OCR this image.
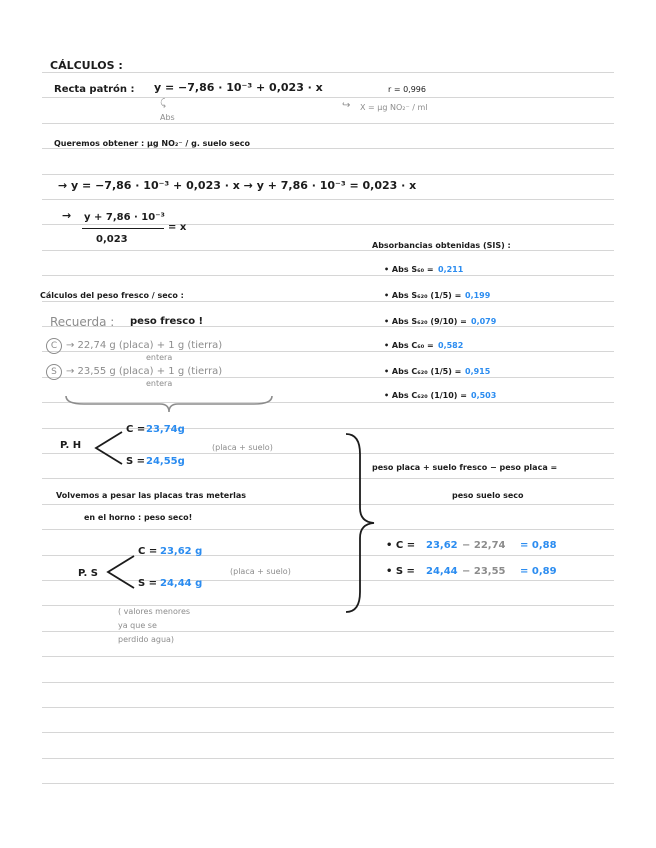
CÁLCULOS :
Recta patrón : y = −7,86 · 10⁻³ + 0,023 · x	r = 0,996
Abs
⤹	↪ X = µg NO₂⁻ / ml
Queremos obtener : µg NO₂⁻ / g. suelo seco
→ y = −7,86 · 10⁻³ + 0,023 · x → y + 7,86 · 10⁻³ = 0,023 · x
→ y + 7,86 · 10⁻³
0,023
= x
Absorbancias obtenidas (SIS) :
• Abs S₆₀ = 0,211
• Abs S₆₂₀ (1/5) = 0,199
• Abs S₆₂₀ (9/10) = 0,079
• Abs C₆₀ = 0,582
• Abs C₆₂₀ (1/5) = 0,915
• Abs C₆₂₀ (1/10) = 0,503
Cálculos del peso fresco / seco :
Recuerda : peso fresco !
C → 22,74 g (placa) + 1 g (tierra)
entera
S → 23,55 g (placa) + 1 g (tierra)
entera
P. H
C = 23,74g
S = 24,55g
(placa + suelo)
Volvemos a pesar las placas tras meterlas
en el horno : peso seco!
P. S
C = 23,62 g
S = 24,44 g
(placa + suelo)
( valores menores
ya que se
perdido agua)
peso placa + suelo fresco − peso placa =
peso suelo seco
• C = 23,62 − 22,74 = 0,88
• S = 24,44 − 23,55 = 0,89
